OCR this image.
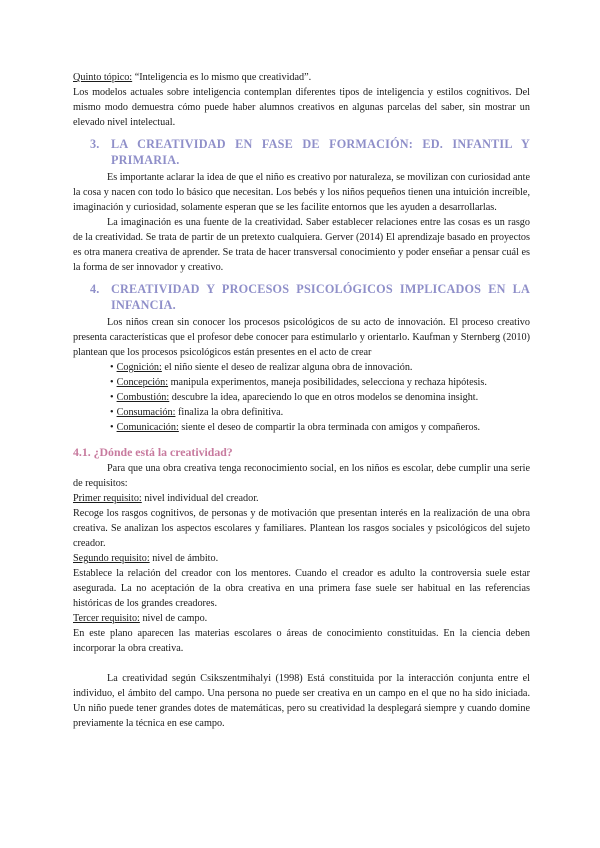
Quinto tópico: “Inteligencia es lo mismo que creatividad”.

Los modelos actuales sobre inteligencia contemplan diferentes tipos de inteligencia y estilos cognitivos. Del mismo modo demuestra cómo puede haber alumnos creativos en algunas parcelas del saber, sin mostrar un elevado nivel intelectual.

3. LA CREATIVIDAD EN FASE DE FORMACIÓN: ED. INFANTIL Y PRIMARIA.

Es importante aclarar la idea de que el niño es creativo por naturaleza, se movilizan con curiosidad ante la cosa y nacen con todo lo básico que necesitan. Los bebés y los niños pequeños tienen una intuición increíble, imaginación y curiosidad, solamente esperan que se les facilite entornos que les ayuden a desarrollarlas.

La imaginación es una fuente de la creatividad. Saber establecer relaciones entre las cosas es un rasgo de la creatividad. Se trata de partir de un pretexto cualquiera. Gerver (2014) El aprendizaje basado en proyectos es otra manera creativa de aprender. Se trata de hacer transversal conocimiento y poder enseñar a pensar cuál es la forma de ser innovador y creativo.

4. CREATIVIDAD Y PROCESOS PSICOLÓGICOS IMPLICADOS EN LA INFANCIA.

Los niños crean sin conocer los procesos psicológicos de su acto de innovación. El proceso creativo presenta características que el profesor debe conocer para estimularlo y orientarlo. Kaufman y Sternberg (2010) plantean que los procesos psicológicos están presentes en el acto de crear

• Cognición: el niño siente el deseo de realizar alguna obra de innovación.
• Concepción: manipula experimentos, maneja posibilidades, selecciona y rechaza hipótesis.
• Combustión: descubre la idea, apareciendo lo que en otros modelos se denomina insight.
• Consumación: finaliza la obra definitiva.
• Comunicación: siente el deseo de compartir la obra terminada con amigos y compañeros.
4.1. ¿Dónde está la creatividad?

Para que una obra creativa tenga reconocimiento social, en los niños es escolar, debe cumplir una serie de requisitos:

Primer requisito: nivel individual del creador.

Recoge los rasgos cognitivos, de personas y de motivación que presentan interés en la realización de una obra creativa. Se analizan los aspectos escolares y familiares. Plantean los rasgos sociales y psicológicos del sujeto creador.

Segundo requisito: nivel de ámbito.

Establece la relación del creador con los mentores. Cuando el creador es adulto la controversia suele estar asegurada. La no aceptación de la obra creativa en una primera fase suele ser habitual en las referencias históricas de los grandes creadores.

Tercer requisito: nivel de campo.

En este plano aparecen las materias escolares o áreas de conocimiento constituidas. En la ciencia deben incorporar la obra creativa.

La creatividad según Csikszentmihalyi (1998) Está constituida por la interacción conjunta entre el individuo, el ámbito del campo. Una persona no puede ser creativa en un campo en el que no ha sido iniciada. Un niño puede tener grandes dotes de matemáticas, pero su creatividad la desplegará siempre y cuando domine previamente la técnica en ese campo.
